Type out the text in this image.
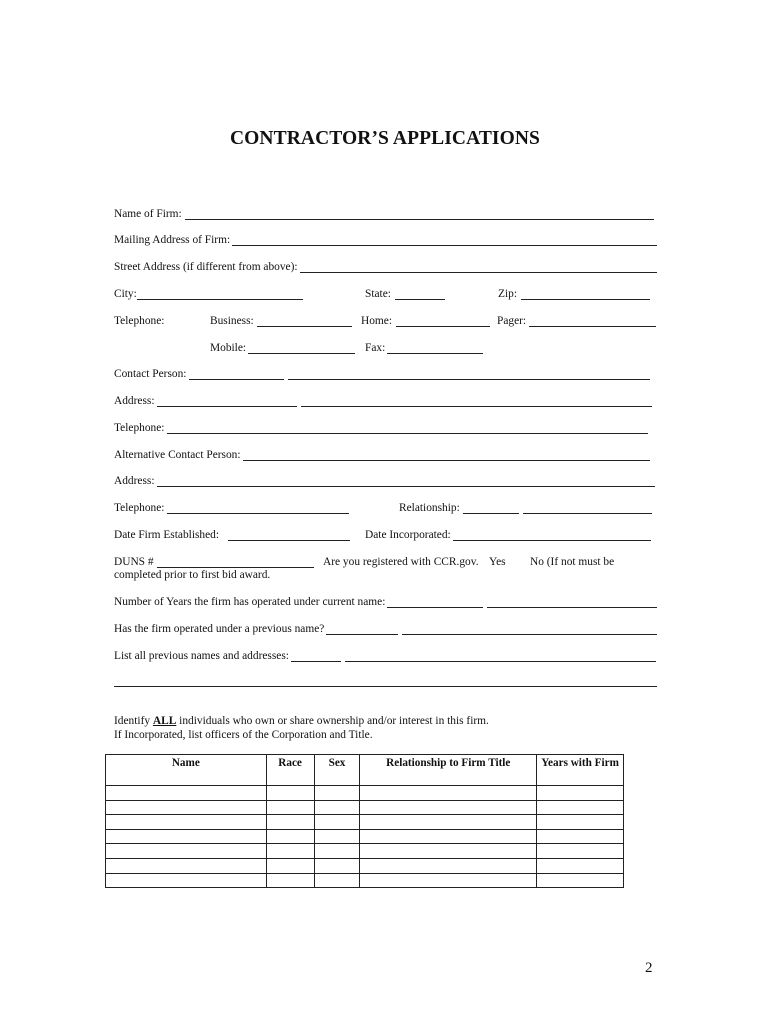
CONTRACTOR’S APPLICATIONS
Name of Firm:
Mailing Address of Firm:
Street Address (if different from above):
City:	State:	Zip:
Telephone:	Business:	Home:	Pager:
Mobile:	Fax:
Contact Person:
Address:
Telephone:
Alternative Contact Person:
Address:
Telephone:	Relationship:
Date Firm Established:	Date Incorporated:
DUNS #	Are you registered with CCR.gov. Yes No (If not must be
completed prior to first bid award.
Number of Years the firm has operated under current name:
Has the firm operated under a previous name?
List all previous names and addresses:
Identify ALL individuals who own or share ownership and/or interest in this firm.
If Incorporated, list officers of the Corporation and Title.
Name	Race	Sex	Relationship to Firm Title	Years with Firm

2
